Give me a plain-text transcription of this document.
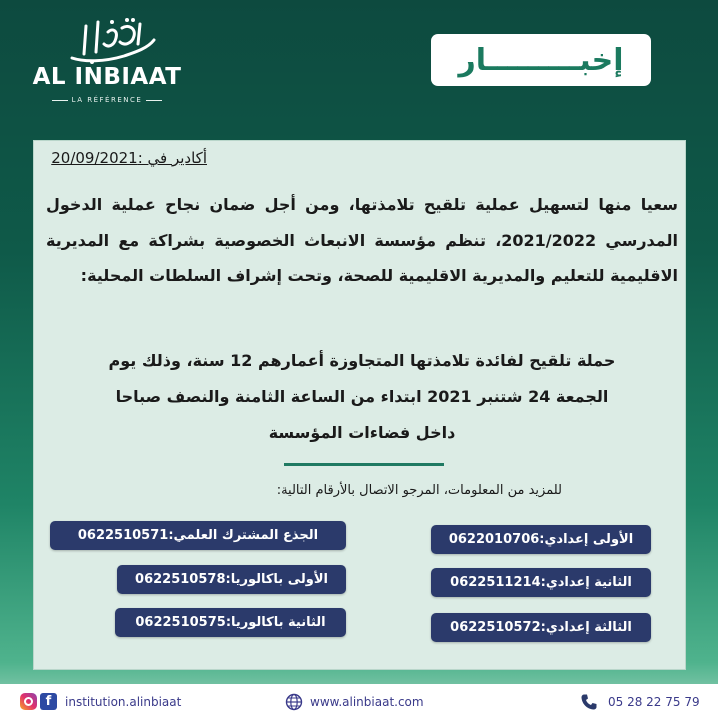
AL INBIAAT
LA RÉFÉRENCE
إخبـــــــــار
أكادير في :20/09/2021
سعيا منها لتسهيل عملية تلقيح تلامذتها، ومن أجل ضمان نجاح عملية الدخول المدرسي 2021/2022، تنظم مؤسسة الانبعاث الخصوصية بشراكة مع المديرية الاقليمية للتعليم والمديرية الاقليمية للصحة، وتحت إشراف السلطات المحلية:
حملة تلقيح لفائدة تلامذتها المتجاوزة أعمارهم 12 سنة، وذلك يوم
الجمعة 24 شتنبر 2021 ابتداء من الساعة الثامنة والنصف صباحا
داخل فضاءات المؤسسة
للمزيد من المعلومات، المرجو الاتصال بالأرقام التالية:
الأولى إعدادي:0622010706
الثانية إعدادي:0622511214
الثالثة إعدادي:0622510572
الجذع المشترك العلمي:0622510571
الأولى باكالوريا:0622510578
الثانية باكالوريا:0622510575
f	institution.alinbiaat	www.alinbiaat.com	05 28 22 75 79
